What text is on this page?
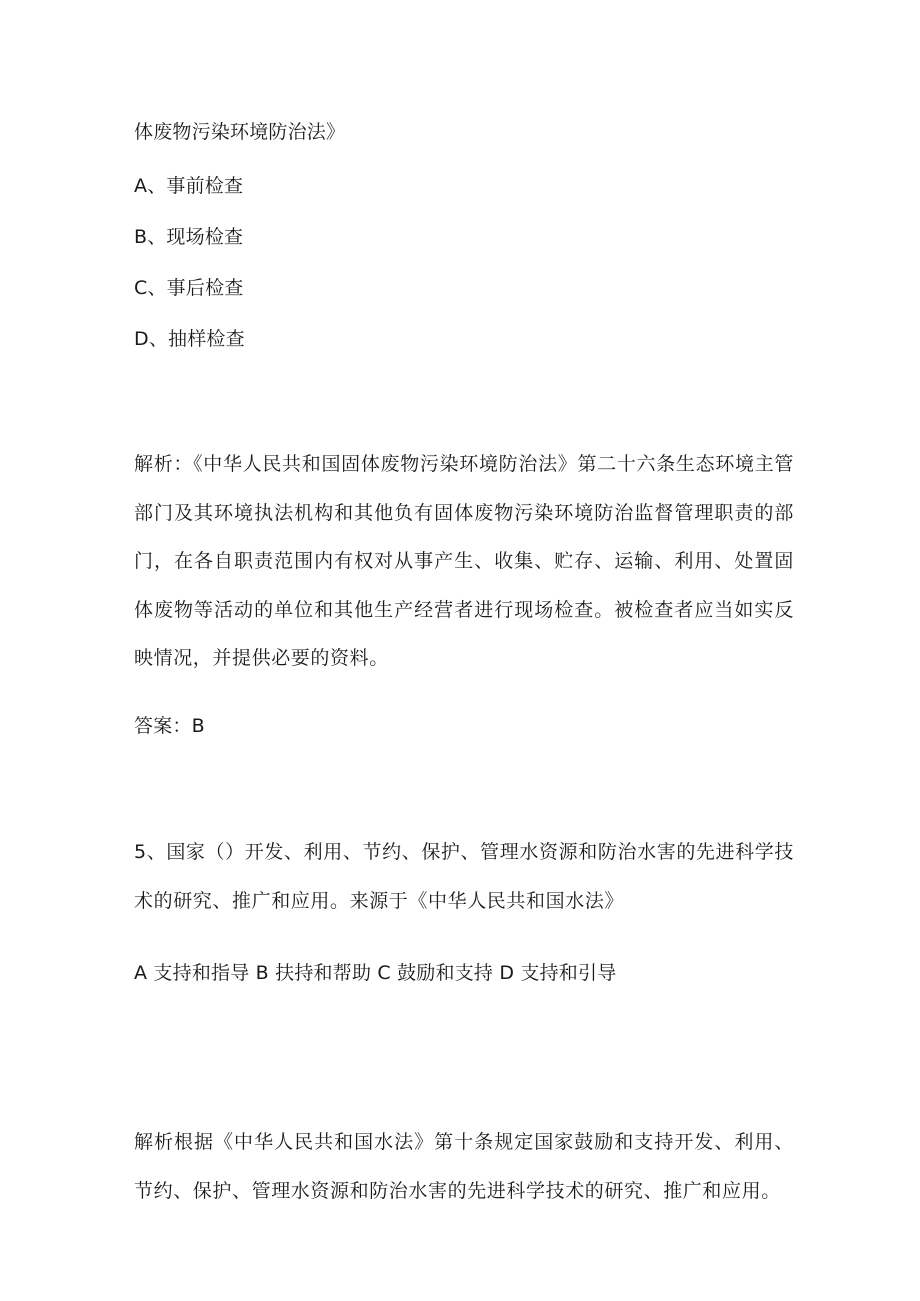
体废物污染环境防治法》
A、事前检查
B、现场检查
C、事后检查
D、抽样检查
解析：《中华人民共和国固体废物污染环境防治法》第二十六条生态环境主管部门及其环境执法机构和其他负有固体废物污染环境防治监督管理职责的部门，在各自职责范围内有权对从事产生、收集、贮存、运输、利用、处置固体废物等活动的单位和其他生产经营者进行现场检查。被检查者应当如实反映情况，并提供必要的资料。
答案：B
5、国家（）开发、利用、节约、保护、管理水资源和防治水害的先进科学技术的研究、推广和应用。来源于《中华人民共和国水法》
A 支持和指导 B 扶持和帮助 C 鼓励和支持 D 支持和引导
解析根据《中华人民共和国水法》第十条规定国家鼓励和支持开发、利用、节约、保护、管理水资源和防治水害的先进科学技术的研究、推广和应用。
